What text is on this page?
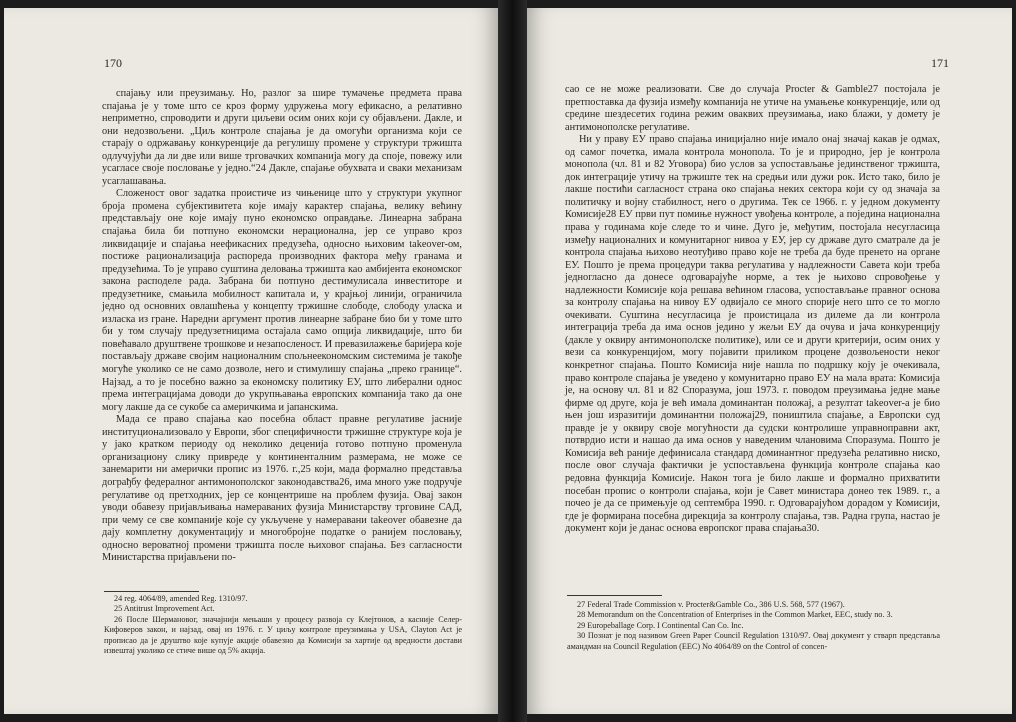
170

спајању или преузимању. Но, разлог за шире тумачење предмета права спајања је у томе што се кроз форму удружења могу ефикасно, а релативно неприметно, спроводити и други циљеви осим оних који су објављени. Дакле, и они недозвољени. „Циљ контроле спајања је да омогући организма који се старају о одржавању конкуренције да регулишу промене у структури тржишта одлучујући да ли две или више трговачких компанија могу да споје, повежу или усагласе своје пословање у једно.“24 Дакле, спајање обухвата и сваки механизам усаглашавања.

Сложеност овог задатка проистиче из чињенице што у структури укупног броја промена субјективитета које имају карактер спајања, велику већину представљају оне које имају пуно економско оправдање. Линеарна забрана спајања била би потпуно економски нерационална, јер се управо кроз ликвидације и спајања неефикасних предузећа, односно њиховим takeover-ом, постиже рационализација распореда производних фактора међу гранама и предузећима. То је управо суштина деловања тржишта као амбијента економског закона расподеле рада. Забрана би потпуно дестимулисала инвеститоре и предузетнике, смањила мобилност капитала и, у крајњој линији, ограничила једно од основних овлашћења у концепту тржишне слободе, слободу уласка и изласка из гране. Наредни аргумент против линеарне забране био би у томе што би у том случају предузетницима остајала само опција ликвидације, што би повећавало друштвене трошкове и незапосленост. И превазилажење баријера које постављају државе својим националним спољнеекономским системима је такође могуће уколико се не само дозволе, него и стимулишу спајања „преко границе“. Најзад, а то је посебно важно за економску политику ЕУ, што либерални однос према интеграцијама доводи до укрупњавања европских компанија тако да оне могу лакше да се сукобе са америчкима и јапанскима.

Мада се право спајања као посебна област правне регулативе јасније институционализовало у Европи, због специфичности тржишне структуре која је у јако кратком периоду од неколико деценија готово потпуно променула организациону слику привреде у континенталним размерама, не може се занемарити ни амерички пропис из 1976. г.,25 који, мада формално представља дограђбу федералног антимонополског законодавства26, има много уже подручје регулативе од претходних, јер се концентрише на проблем фузија. Овај закон уводи обавезу пријављивања намераваних фузија Министарству трговине САД, при чему се све компаније које су укључене у намеравани takeover обавезне да дају комплетну документацију и многобројне податке о ранијем пословању, односно вероватној промени тржишта после њиховог спајања. Без сагласности Министарства пријављени по-

24 reg. 4064/89, amended Reg. 1310/97.
25 Antitrust Improvement Act.
26 После Шермановог, значајнији мењаши у процесу развоја су Клејтонов, а касније Селер-Кифоверов закон, и најзад, овај из 1976. г. У циљу контроле преузимања у USA, Clayton Act је прописао да је друштво које купује акције обавезно да Комисији за хартије од вредности достави извештај уколико се стиче више од 5% акција.
171

сао се не може реализовати. Све до случаја Procter & Gamble27 постојала је претпоставка да фузија између компанија не утиче на умањење конкуренције, или од средине шездесетих година режим оваквих преузимања, иако блажи, у домету је антимонополске регулативе.

Ни у праву ЕУ право спајања иницијално није имало онај значај какав је одмах, од самог почетка, имала контрола монопола. То је и природно, јер је контрола монопола (чл. 81 и 82 Уговора) био услов за успостављање јединственог тржишта, док интеграције утичу на тржиште тек на средњи или дужи рок. Исто тако, било је лакше постићи сагласност страна око спајања неких сектора који су од значаја за политичку и војну стабилност, него о другима. Тек се 1966. г. у једном документу Комисије28 ЕУ први пут помиње нужност увођења контроле, а поједина национална права у годинама које следе то и чине. Дуго је, међутим, постојала несугласица између националних и комунитарног нивоа у ЕУ, јер су државе дуго сматрале да је контрола спајања њихово неотуђиво право које не треба да буде пренето на органе ЕУ. Пошто је према процедури таква регулатива у надлежности Савета који треба једногласно да донесе одговарајуће норме, а тек је њихово спровођење у надлежности Комисије која решава већином гласова, успостављање правног основа за контролу спајања на нивоу ЕУ одвијало се много спорије него што се то могло очекивати. Суштина несугласица је проистицала из дилеме да ли контрола интеграција треба да има основ једино у жељи ЕУ да очува и јача конкуренцију (дакле у оквиру антимонополске политике), или се и други критерији, осим оних у вези са конкуренцијом, могу појавити приликом процене дозвољености неког конкретног спајања. Пошто Комисија није нашла по подршку коју је очекивала, право контроле спајања је уведено у комунитарно право ЕУ на мала врата: Комисија је, на основу чл. 81 и 82 Споразума, још 1973. г. поводом преузимања једне мање фирме од друге, која је већ имала доминантан положај, а резултат takeover-а је био њен још изразитији доминантни положај29, поништила спајање, а Европски суд правде је у оквиру своје могућности да судски контролише управноправни акт, потврдио исти и нашао да има основ у наведеним члановима Споразума. Пошто је Комисија већ раније дефинисала стандард доминантног предузећа релативно ниско, после овог случаја фактички је успостављена функција контроле спајања као редовна функција Комисије. Након тога је било лакше и формално прихватити посебан пропис о контроли спајања, који је Савет министара донео тек 1989. г., а почео је да се примењује од септембра 1990. г. Одговарајућом дорадом у Комисији, где је формирана посебна дирекција за контролу спајања, тзв. Радна група, настао је документ који је данас основа европског права спајања30.

27 Federal Trade Commission v. Procter&Gamble Co., 386 U.S. 568, 577 (1967).
28 Memorandum on the Concentration of Enterprises in the Common Market, EEC, study no. 3.
29 Europeballage Corp. I Continental Can Co. Inc.
30 Познат је под називом Green Paper Council Regulation 1310/97. Овај документ у стварп представља амандман на Council Regulation (EEC) No 4064/89 on the Control of concen-
